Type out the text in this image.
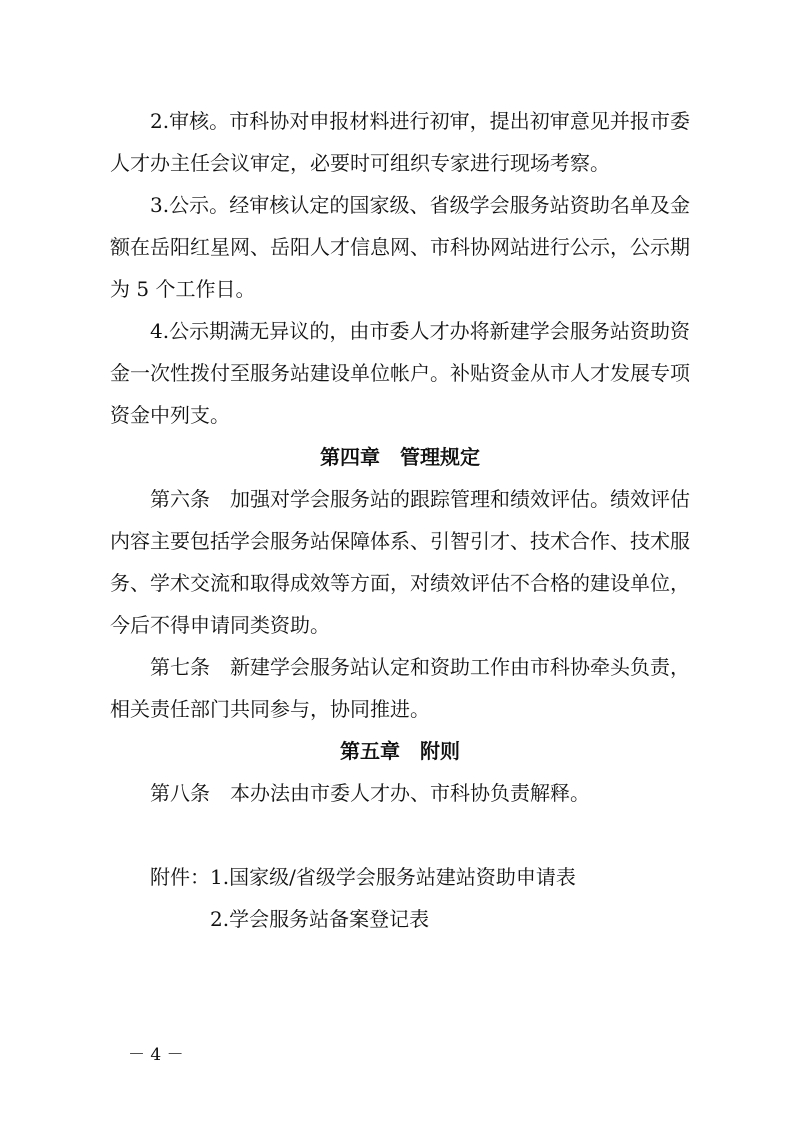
2.审核。市科协对申报材料进行初审，提出初审意见并报市委人才办主任会议审定，必要时可组织专家进行现场考察。

3.公示。经审核认定的国家级、省级学会服务站资助名单及金额在岳阳红星网、岳阳人才信息网、市科协网站进行公示，公示期为 5 个工作日。

4.公示期满无异议的，由市委人才办将新建学会服务站资助资金一次性拨付至服务站建设单位帐户。补贴资金从市人才发展专项资金中列支。

第四章　管理规定

第六条　加强对学会服务站的跟踪管理和绩效评估。绩效评估内容主要包括学会服务站保障体系、引智引才、技术合作、技术服务、学术交流和取得成效等方面，对绩效评估不合格的建设单位，今后不得申请同类资助。

第七条　新建学会服务站认定和资助工作由市科协牵头负责，相关责任部门共同参与，协同推进。

第五章　附则

第八条　本办法由市委人才办、市科协负责解释。

附件：1.国家级/省级学会服务站建站资助申请表

2.学会服务站备案登记表

－ 4 －
